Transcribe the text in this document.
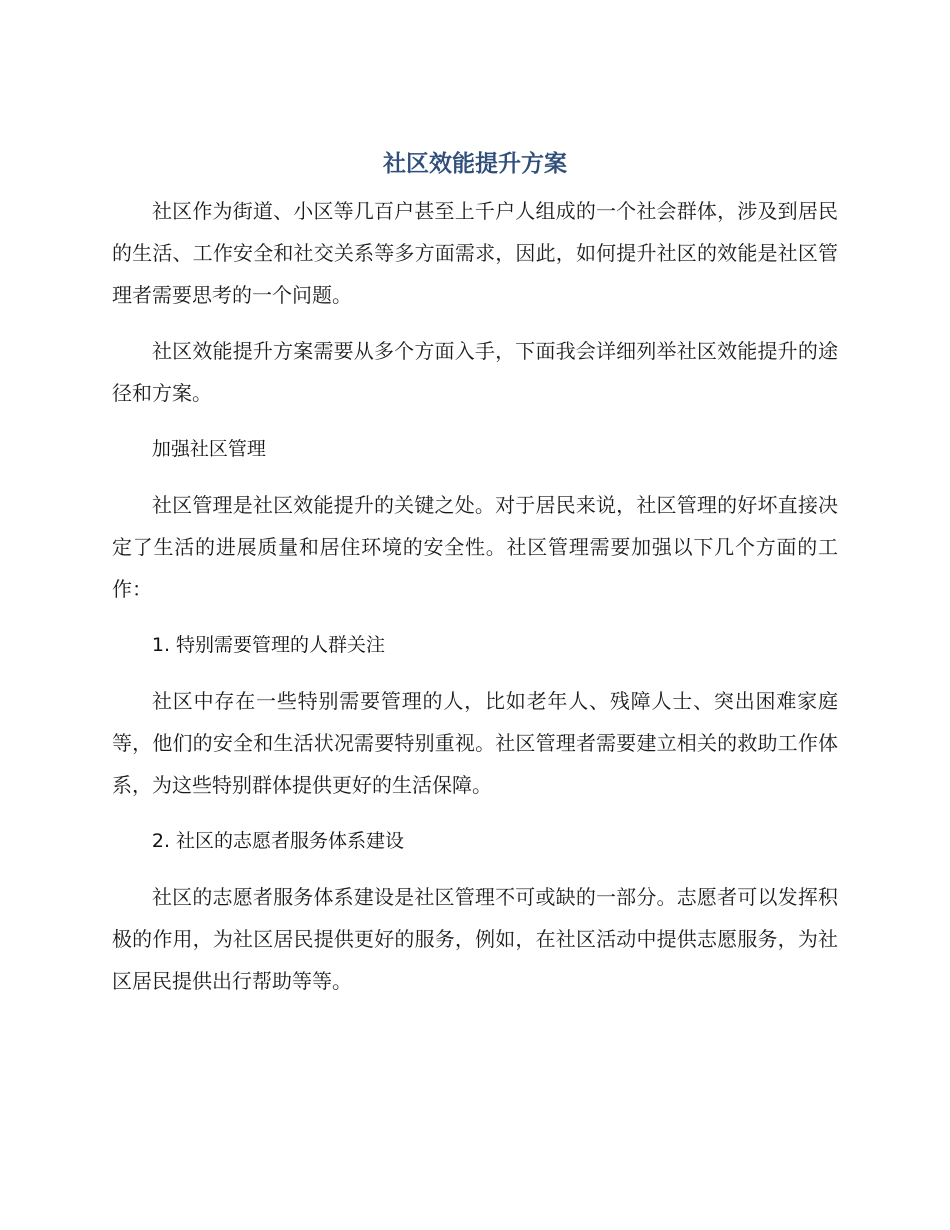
社区效能提升方案

社区作为街道、小区等几百户甚至上千户人组成的一个社会群体，涉及到居民的生活、工作安全和社交关系等多方面需求，因此，如何提升社区的效能是社区管理者需要思考的一个问题。

社区效能提升方案需要从多个方面入手，下面我会详细列举社区效能提升的途径和方案。

加强社区管理

社区管理是社区效能提升的关键之处。对于居民来说，社区管理的好坏直接决定了生活的进展质量和居住环境的安全性。社区管理需要加强以下几个方面的工作：

1. 特别需要管理的人群关注

社区中存在一些特别需要管理的人，比如老年人、残障人士、突出困难家庭等，他们的安全和生活状况需要特别重视。社区管理者需要建立相关的救助工作体系，为这些特别群体提供更好的生活保障。

2. 社区的志愿者服务体系建设

社区的志愿者服务体系建设是社区管理不可或缺的一部分。志愿者可以发挥积极的作用，为社区居民提供更好的服务，例如，在社区活动中提供志愿服务，为社区居民提供出行帮助等等。
